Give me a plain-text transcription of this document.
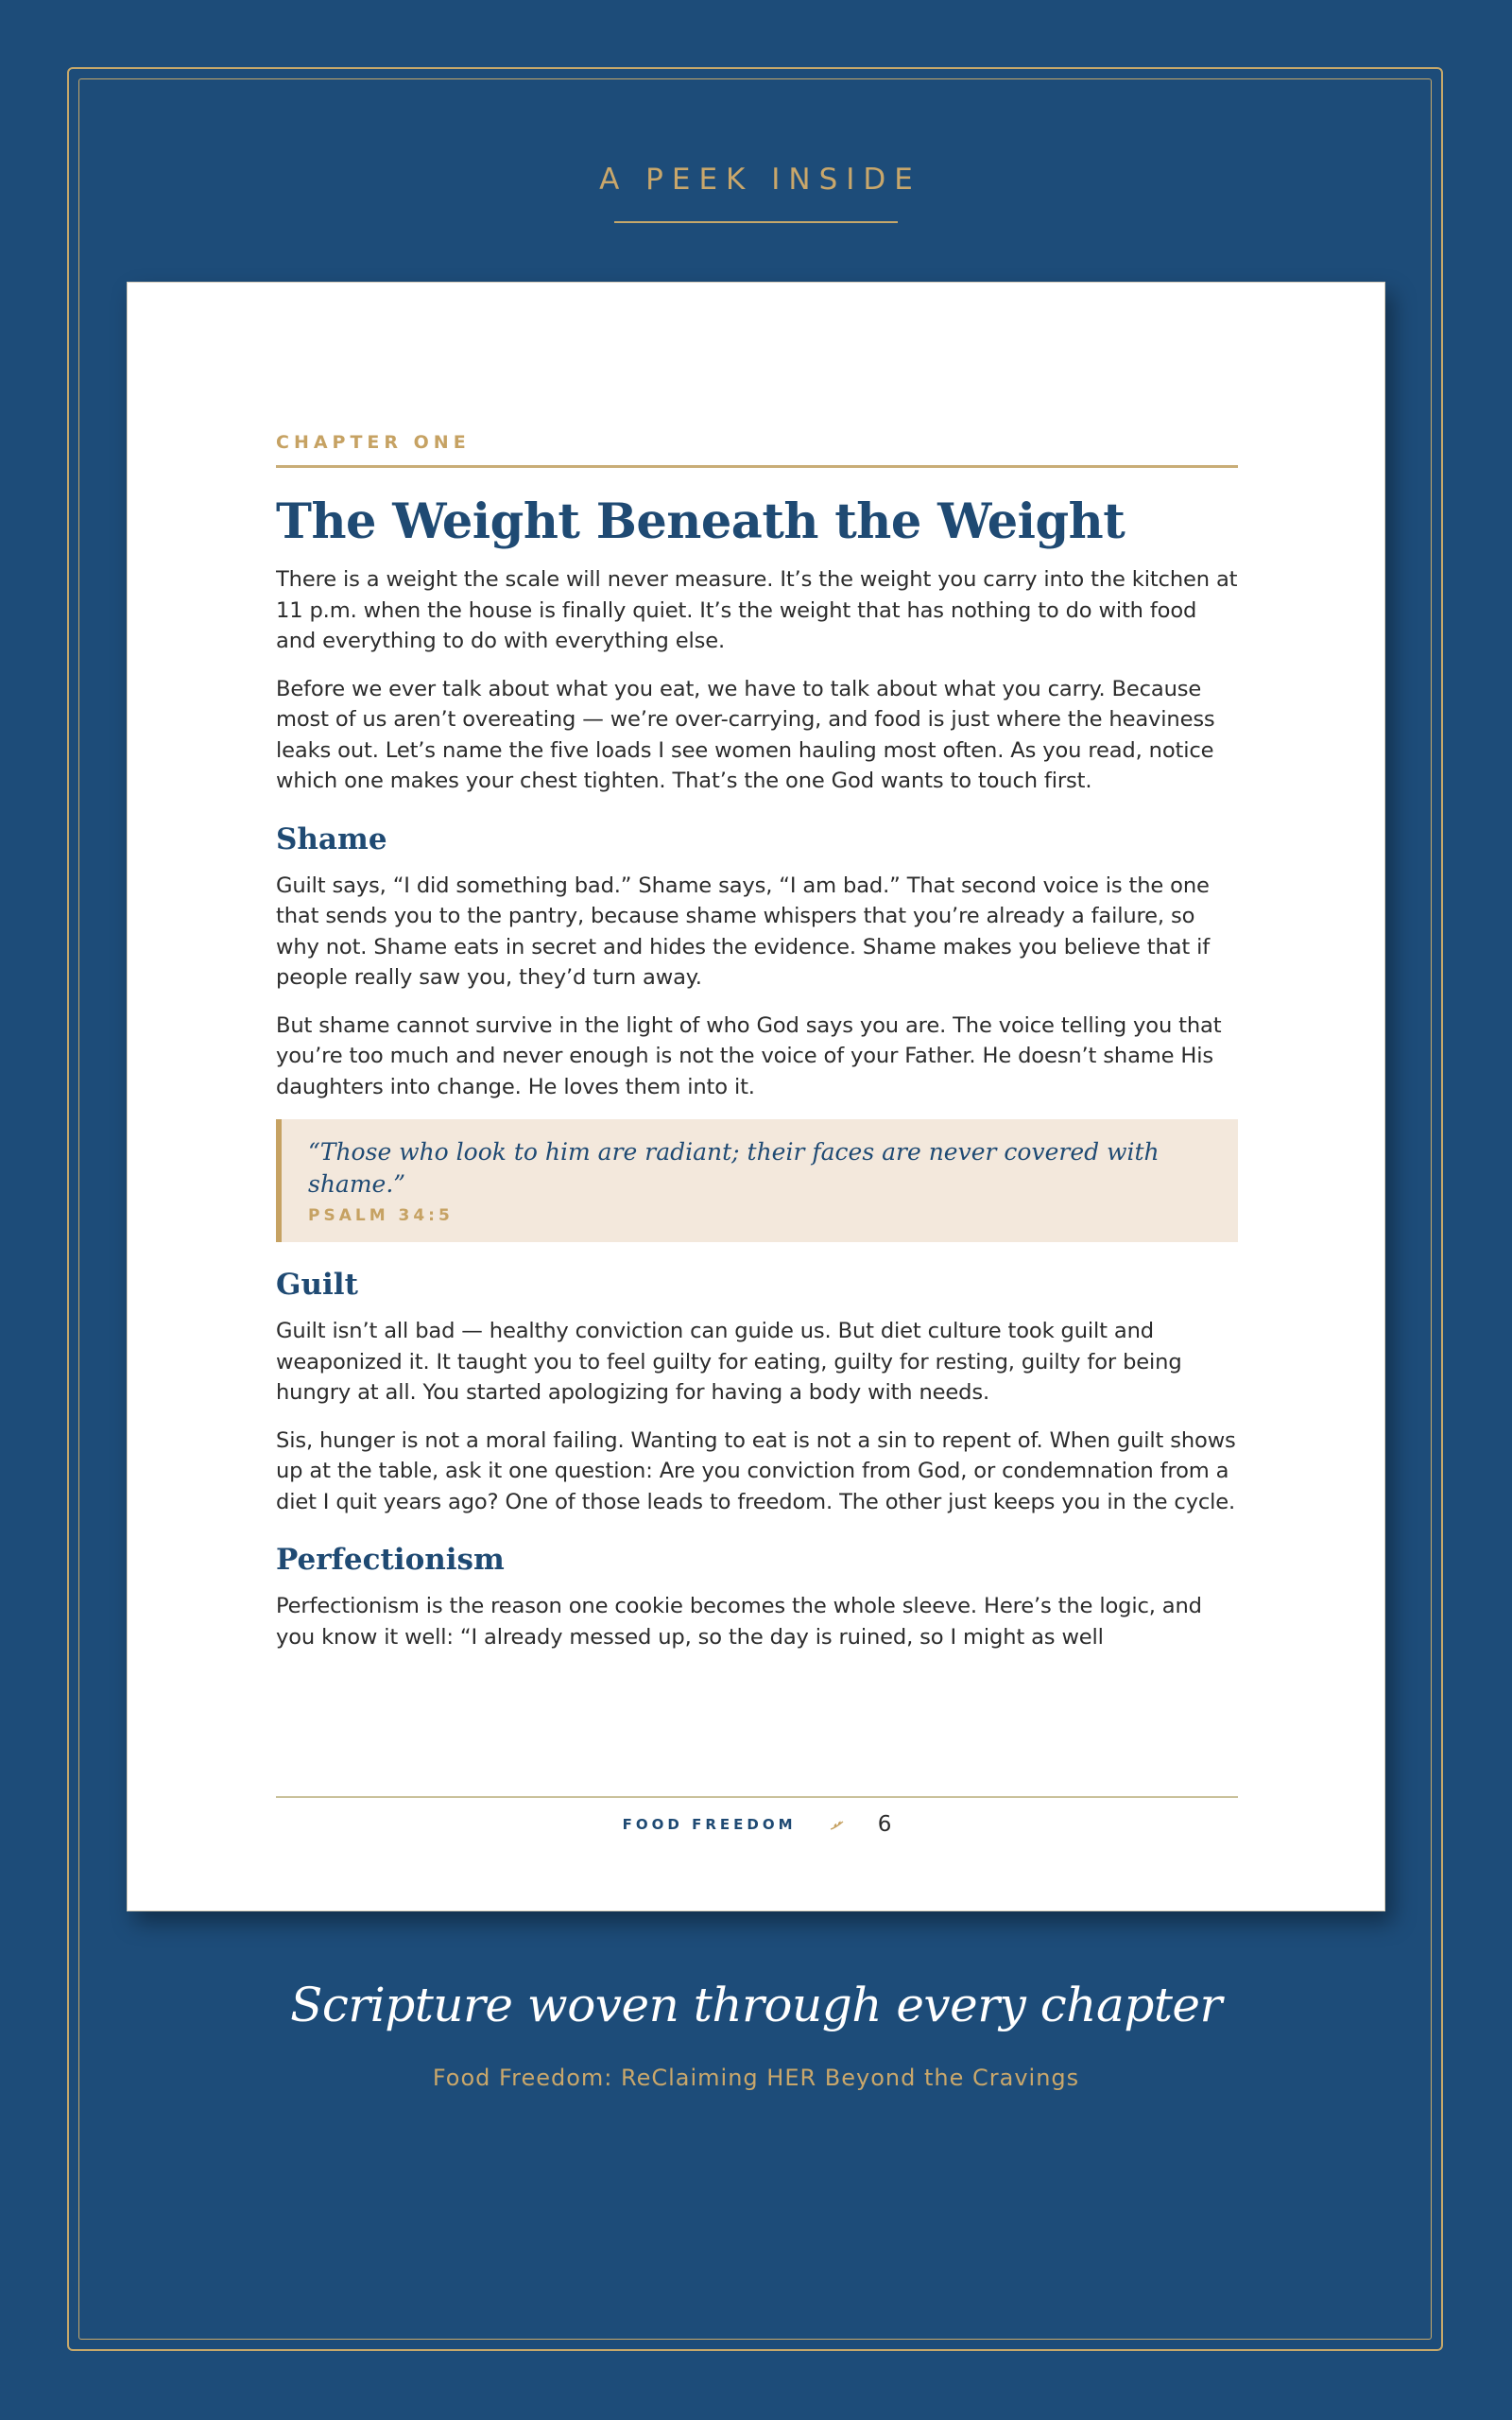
A PEEK INSIDE
CHAPTER ONE
The Weight Beneath the Weight

There is a weight the scale will never measure. It’s the weight you carry into the kitchen at 11 p.m. when the house is finally quiet. It’s the weight that has nothing to do with food and everything to do with everything else.

Before we ever talk about what you eat, we have to talk about what you carry. Because most of us aren’t overeating — we’re over-carrying, and food is just where the heaviness leaks out. Let’s name the five loads I see women hauling most often. As you read, notice which one makes your chest tighten. That’s the one God wants to touch first.

Shame

Guilt says, “I did something bad.” Shame says, “I am bad.” That second voice is the one that sends you to the pantry, because shame whispers that you’re already a failure, so why not. Shame eats in secret and hides the evidence. Shame makes you believe that if people really saw you, they’d turn away.

But shame cannot survive in the light of who God says you are. The voice telling you that you’re too much and never enough is not the voice of your Father. He doesn’t shame His daughters into change. He loves them into it.

“Those who look to him are radiant; their faces are never covered with shame.”
PSALM 34:5
Guilt

Guilt isn’t all bad — healthy conviction can guide us. But diet culture took guilt and weaponized it. It taught you to feel guilty for eating, guilty for resting, guilty for being hungry at all. You started apologizing for having a body with needs.

Sis, hunger is not a moral failing. Wanting to eat is not a sin to repent of. When guilt shows up at the table, ask it one question: Are you conviction from God, or condemnation from a diet I quit years ago? One of those leads to freedom. The other just keeps you in the cycle.

Perfectionism

Perfectionism is the reason one cookie becomes the whole sleeve. Here’s the logic, and you know it well: “I already messed up, so the day is ruined, so I might as well

FOOD FREEDOM	6
Scripture woven through every chapter
Food Freedom: ReClaiming HER Beyond the Cravings
